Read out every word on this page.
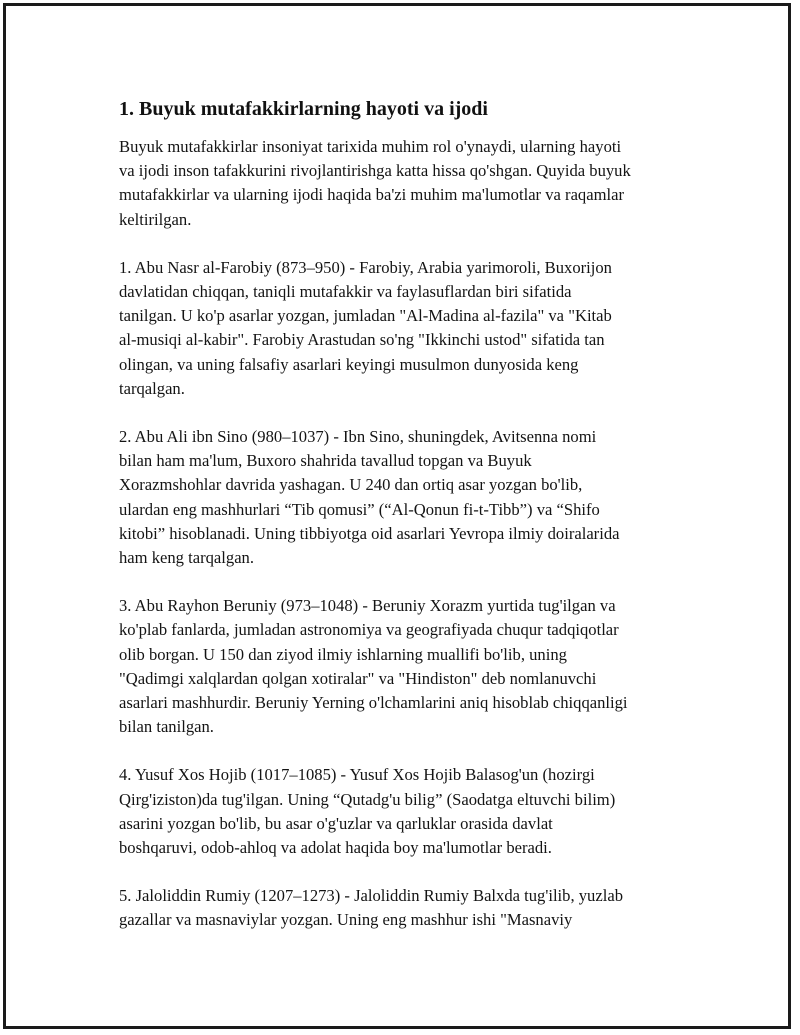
1. Buyuk mutafakkirlarning hayoti va ijodi

Buyuk mutafakkirlar insoniyat tarixida muhim rol o'ynaydi, ularning hayoti
va ijodi inson tafakkurini rivojlantirishga katta hissa qo'shgan. Quyida buyuk
mutafakkirlar va ularning ijodi haqida ba'zi muhim ma'lumotlar va raqamlar
keltirilgan.

1. Abu Nasr al-Farobiy (873–950) - Farobiy, Arabia yarimoroli, Buxorijon
davlatidan chiqqan, taniqli mutafakkir va faylasuflardan biri sifatida
tanilgan. U ko'p asarlar yozgan, jumladan "Al-Madina al-fazila" va "Kitab
al-musiqi al-kabir". Farobiy Arastudan so'ng "Ikkinchi ustod" sifatida tan
olingan, va uning falsafiy asarlari keyingi musulmon dunyosida keng
tarqalgan.

2. Abu Ali ibn Sino (980–1037) - Ibn Sino, shuningdek, Avitsenna nomi
bilan ham ma'lum, Buxoro shahrida tavallud topgan va Buyuk
Xorazmshohlar davrida yashagan. U 240 dan ortiq asar yozgan bo'lib,
ulardan eng mashhurlari “Tib qomusi” (“Al-Qonun fi-t-Tibb”) va “Shifo
kitobi” hisoblanadi. Uning tibbiyotga oid asarlari Yevropa ilmiy doiralarida
ham keng tarqalgan.

3. Abu Rayhon Beruniy (973–1048) - Beruniy Xorazm yurtida tug'ilgan va
ko'plab fanlarda, jumladan astronomiya va geografiyada chuqur tadqiqotlar
olib borgan. U 150 dan ziyod ilmiy ishlarning muallifi bo'lib, uning
"Qadimgi xalqlardan qolgan xotiralar" va "Hindiston" deb nomlanuvchi
asarlari mashhurdir. Beruniy Yerning o'lchamlarini aniq hisoblab chiqqanligi
bilan tanilgan.

4. Yusuf Xos Hojib (1017–1085) - Yusuf Xos Hojib Balasog'un (hozirgi
Qirg'iziston)da tug'ilgan. Uning “Qutadg'u bilig” (Saodatga eltuvchi bilim)
asarini yozgan bo'lib, bu asar o'g'uzlar va qarluklar orasida davlat
boshqaruvi, odob-ahloq va adolat haqida boy ma'lumotlar beradi.

5. Jaloliddin Rumiy (1207–1273) - Jaloliddin Rumiy Balxda tug'ilib, yuzlab
gazallar va masnaviylar yozgan. Uning eng mashhur ishi "Masnaviy
